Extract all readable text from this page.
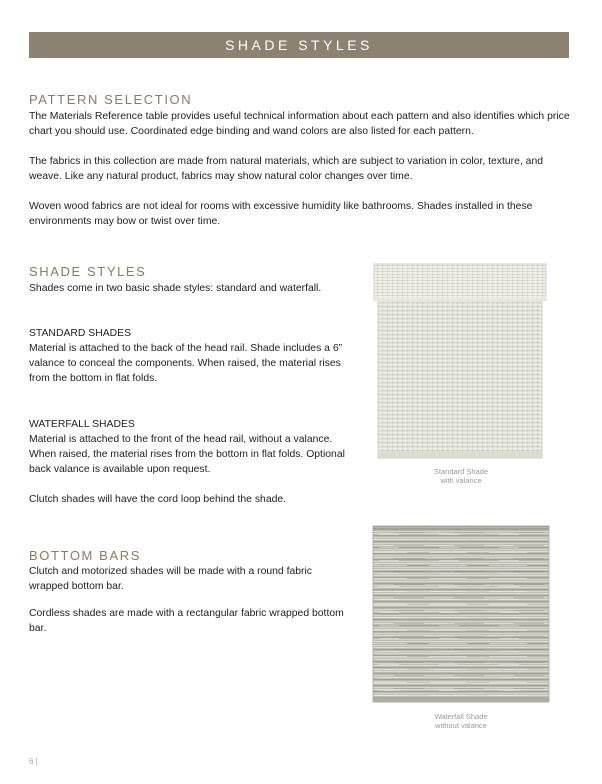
SHADE STYLES
PATTERN SELECTION

The Materials Reference table provides useful technical information about each pattern and also identifies which price chart you should use. Coordinated edge binding and wand colors are also listed for each pattern.

The fabrics in this collection are made from natural materials, which are subject to variation in color, texture, and weave. Like any natural product, fabrics may show natural color changes over time.

Woven wood fabrics are not ideal for rooms with excessive humidity like bathrooms. Shades installed in these environments may bow or twist over time.

SHADE STYLES

Shades come in two basic shade styles: standard and waterfall.

STANDARD SHADES

Material is attached to the back of the head rail. Shade includes a 6” valance to conceal the components. When raised, the material rises from the bottom in flat folds.

WATERFALL SHADES

Material is attached to the front of the head rail, without a valance. When raised, the material rises from the bottom in flat folds. Optional back valance is available upon request.

Clutch shades will have the cord loop behind the shade.

BOTTOM BARS

Clutch and motorized shades will be made with a round fabric wrapped bottom bar.

Cordless shades are made with a rectangular fabric wrapped bottom bar.

Standard Shade
with valance
Waterfall Shade
without valance
6 |
